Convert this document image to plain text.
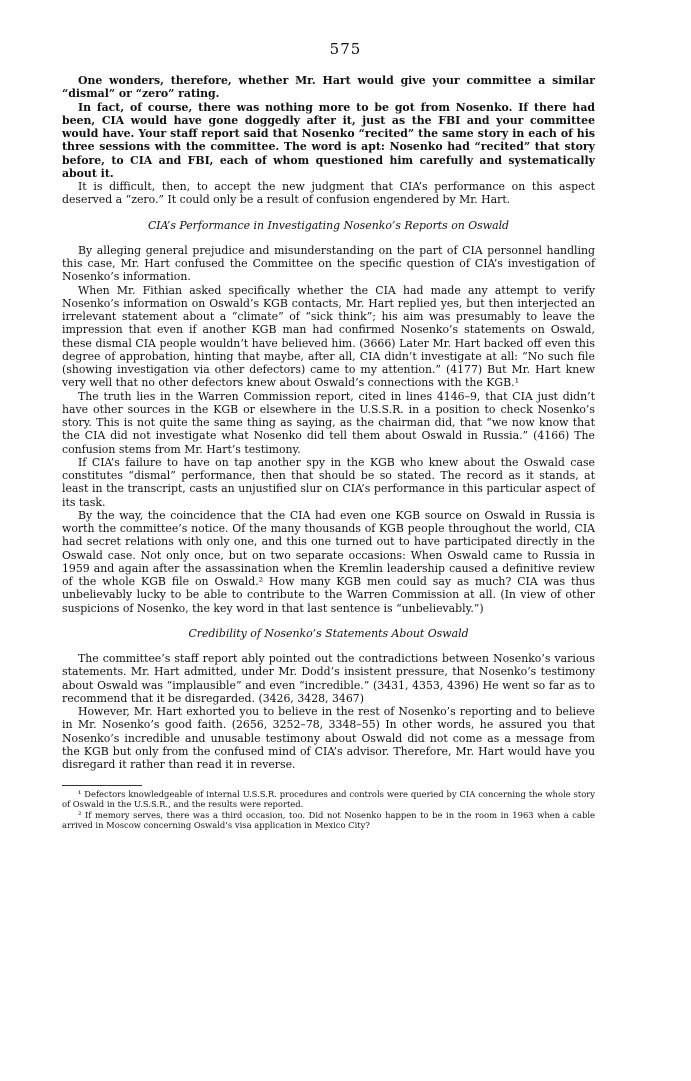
575

One wonders, therefore, whether Mr. Hart would give your committee a similar “dismal” or “zero” rating.

In fact, of course, there was nothing more to be got from Nosenko. If there had been, CIA would have gone doggedly after it, just as the FBI and your committee would have. Your staff report said that Nosenko “recited” the same story in each of his three sessions with the committee. The word is apt: Nosenko had “recited” that story before, to CIA and FBI, each of whom questioned him carefully and systematically about it.

It is difficult, then, to accept the new judgment that CIA’s performance on this aspect deserved a “zero.” It could only be a result of confusion engendered by Mr. Hart.

CIA’s Performance in Investigating Nosenko’s Reports on Oswald

By alleging general prejudice and misunderstanding on the part of CIA personnel handling this case, Mr. Hart confused the Committee on the specific question of CIA’s investigation of Nosenko’s information.

When Mr. Fithian asked specifically whether the CIA had made any attempt to verify Nosenko’s information on Oswald’s KGB contacts, Mr. Hart replied yes, but then interjected an irrelevant statement about a “climate” of “sick think”; his aim was presumably to leave the impression that even if another KGB man had confirmed Nosenko’s statements on Oswald, these dismal CIA people wouldn’t have believed him. (3666) Later Mr. Hart backed off even this degree of approbation, hinting that maybe, after all, CIA didn’t investigate at all: “No such file (showing investigation via other defectors) came to my attention.” (4177) But Mr. Hart knew very well that no other defectors knew about Oswald’s connections with the KGB.¹

The truth lies in the Warren Commission report, cited in lines 4146–9, that CIA just didn’t have other sources in the KGB or elsewhere in the U.S.S.R. in a position to check Nosenko’s story. This is not quite the same thing as saying, as the chairman did, that “we now know that the CIA did not investigate what Nosenko did tell them about Oswald in Russia.” (4166) The confusion stems from Mr. Hart’s testimony.

If CIA’s failure to have on tap another spy in the KGB who knew about the Oswald case constitutes “dismal” performance, then that should be so stated. The record as it stands, at least in the transcript, casts an unjustified slur on CIA’s performance in this particular aspect of its task.

By the way, the coincidence that the CIA had even one KGB source on Oswald in Russia is worth the committee’s notice. Of the many thousands of KGB people throughout the world, CIA had secret relations with only one, and this one turned out to have participated directly in the Oswald case. Not only once, but on two separate occasions: When Oswald came to Russia in 1959 and again after the assassination when the Kremlin leadership caused a definitive review of the whole KGB file on Oswald.² How many KGB men could say as much? CIA was thus unbelievably lucky to be able to contribute to the Warren Commission at all. (In view of other suspicions of Nosenko, the key word in that last sentence is “unbelievably.”)

Credibility of Nosenko’s Statements About Oswald

The committee’s staff report ably pointed out the contradictions between Nosenko’s various statements. Mr. Hart admitted, under Mr. Dodd’s insistent pressure, that Nosenko’s testimony about Oswald was “implausible” and even “incredible.” (3431, 4353, 4396) He went so far as to recommend that it be disregarded. (3426, 3428, 3467)

However, Mr. Hart exhorted you to believe in the rest of Nosenko’s reporting and to believe in Mr. Nosenko’s good faith. (2656, 3252–78, 3348–55) In other words, he assured you that Nosenko’s incredible and unusable testimony about Oswald did not come as a message from the KGB but only from the confused mind of CIA’s advisor. Therefore, Mr. Hart would have you disregard it rather than read it in reverse.

¹ Defectors knowledgeable of internal U.S.S.R. procedures and controls were queried by CIA concerning the whole story of Oswald in the U.S.S.R., and the results were reported.

² If memory serves, there was a third occasion, too. Did not Nosenko happen to be in the room in 1963 when a cable arrived in Moscow concerning Oswald’s visa application in Mexico City?
